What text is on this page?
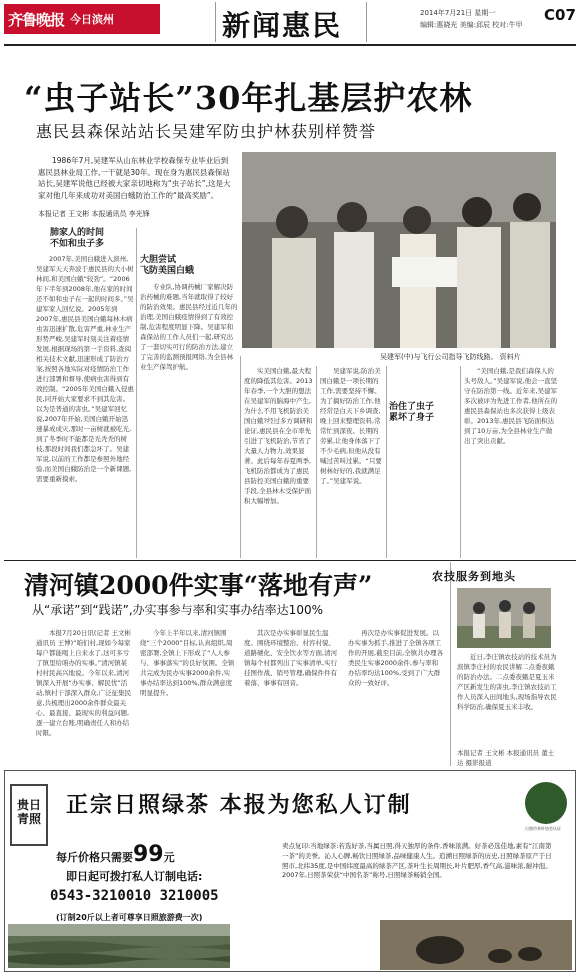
齐鲁晚报 今日滨州	新闻惠民	2014年7月21日 星期一
编辑:惠晓光 美编:邱辰 校对:牛甲
C07
“虫子站长”30年扎基层护农林
惠民县森保站站长吴建军防虫护林获别样赞誉
1986年7月,吴建军从山东林业学校森保专业毕业后到惠民县林业局工作,一干就是30年。现在身为惠民县森保站站长,吴建军说他已经被大家亲切地称为“虫子站长”,这是大家对他几年来成功对美国白蛾防治工作的“最高奖励”。
本报记者 王文彬 本报通讯员 李光锋
吴建军(中)与飞行公司指导飞防线路。 资料片
肺家人的时间
不如和虫子多
2007年,美国白蛾进入滨州,吴建军天天奔波于惠民县的大小树林间,和美国白蛾“较劲”。“2006年下半年到2008年,他在家的时间还不如和虫子在一起的时间多。”吴建军家人回忆说。2005年到2007年,惠民县美国白蛾每林木病虫害迅速扩散,危害严重,林业生产形势严峻,吴建军时刻关注着疫情发展,根据现场的第一手资料,查阅相关技术文献,迅速形成了防治方案,按照各地实际对疫情防治工作进行部署和督导,使病虫害得到有效控制。“2005年美国白蛾入侵惠民,同开始大家要求不到其危害。以为是普通的害虫。”吴建军回忆说,2007年开始,美国白蛾开始迅速暴成成灾,那时一亩树就被吃光,到了冬季时不能都是光秃秃的树枝,那段时间我们都急坏了。吴建军说,以前的工作都是参照外地经验,而美国白蛾防治是一个新课题,需要重新摸索。
大胆尝试
飞防美国白蛾
专业队,协调药械厂家解决防治药械的难题,当年就取得了较好的防治效果。惠民县经过近几年的治理,美国白蛾疫情得到了有效控制,危害程度明显下降。吴建军和森保站的工作人员们一起,研究出了一套切实可行的防治方法,建立了完善的监测预报网络,为全县林业生产保驾护航。	实美国白蛾,最大程度的降低其危害。2013年春季,一个大胆的想法在吴建军的脑海中产生,为什么不用飞机防治美国白蛾?经过多方调研和论证,惠民县在全市率先引进了飞机防治,节省了大量人力物力,效果显著。此后每年春夏两季,飞机防治都成为了惠民县防控美国白蛾的重要手段,全县林木受保护面积大幅增加。
吴建军说,防治美国白蛾是一项长期的工作,需要坚持不懈。为了搞好防治工作,他经常是白天下乡调查,晚上回来整理资料,常常忙到深夜。长期的劳累,让他身体落下了不少毛病,但他从没有喊过苦叫过累。“只要树林好好的,我就满足了。”吴建军说。
治住了虫子
累坏了身子
“美国白蛾,是我们森保人的头号敌人。”吴建军说,他会一直坚守在防治第一线。近年来,吴建军多次被评为先进工作者,他所在的惠民县森保站也多次获得上级表彰。2013年,惠民县飞防面积达到了10万亩,为全县林业生产做出了突出贡献。
清河镇2000件实事“落地有声”
从“承诺”到“践诺”,办实事参与率和实事办结率达100%
本报7月20日讯(记者 王文彬 通讯员 王博)“咱们村,现如今每家每户都能喝上自来水了,这可多亏了镇里给咱办的实事。”清河镇某村村民高兴地说。今年以来,清河镇深入开展“办实事、解民忧”活动,镇村干部深入群众,广泛征集民意,共梳理出2000余件群众最关心、最直接、最现实的利益问题,逐一建立台账,明确责任人和办结时限。
今年上半年以来,清河镇围绕“三个2000”目标,认真组织,周密部署,全镇上下形成了“人人参与、事事落实”的良好氛围。全镇共完成为民办实事2000余件,实事办结率达到100%,群众满意度明显提升。
其次是办实事彰显民生温度。围绕环境整治、村容村貌、道路硬化、安全饮水等方面,清河镇每个村都列出了实事清单,实行挂图作战、销号管理,确保件件有着落、事事有回音。
再次是办实事促进发展。以办实事为抓手,推进了全镇各项工作的开展,截至目前,全镇共办理各类民生实事2000余件,参与率和办结率均达100%,受到了广大群众的一致好评。
农技服务到地头
近日,李庄镇农技站的技术员为滨镇李庄村的农民讲解二点委夜蛾的防治办法。二点委夜蛾是夏玉米产区新发生的害虫,李庄镇农技站工作人员深入田间地头,现场指导农民科学防治,确保夏玉米丰收。
本报记者 王文彬 本报通讯员 董士达 摄影报道
贵日
青照
正宗日照绿茶 本报为您私人订制
日照市茶叶协会认证
每斤价格只需要99元
即日起可拨打私人订制电话:
0543-3210010 3210005
(订制20斤以上者可尊享日照旅游费一次)
卖点复印:当地绿茶:若选好茶,当属日照,得天独厚的条件,香味浓满。好茶必选佳地,素有“江南第一茶”的美誉。沁人心脾,畅饮日照绿茶,品味健康人生。追溯日照绿茶的历史,日照绿茶原产于日照市,北纬35度,是中国纬度最高的绿茶产区,茶叶生长周期长,叶片肥厚,香气高,滋味浓,耐冲泡。2007年,日照茶荣获“中国名茶”称号,日照绿茶畅销全国。
